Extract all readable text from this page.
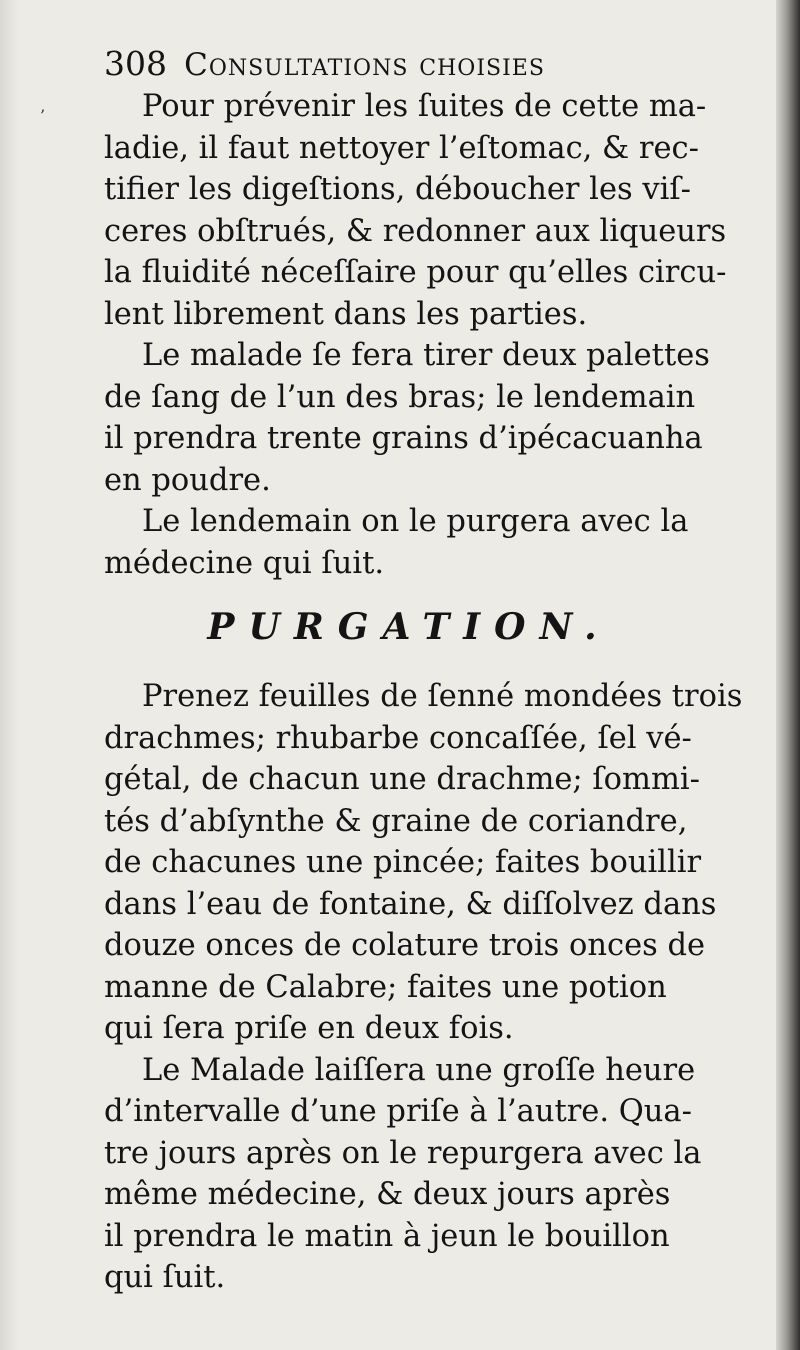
’
308 Consultations choisies
Pour prévenir les ſuites de cette ma-
ladie, il faut nettoyer l’eſtomac, & rec-
tifier les digeſtions, déboucher les viſ-
ceres obſtrués, & redonner aux liqueurs
la fluidité néceſſaire pour qu’elles circu-
lent librement dans les parties.
Le malade ſe fera tirer deux palettes
de ſang de l’un des bras; le lendemain
il prendra trente grains d’ipécacuanha
en poudre.
Le lendemain on le purgera avec la
médecine qui ſuit.
PURGATION.
Prenez feuilles de ſenné mondées trois
drachmes; rhubarbe concaſſée, ſel vé-
gétal, de chacun une drachme; ſommi-
tés d’abſynthe & graine de coriandre,
de chacunes une pincée; faites bouillir
dans l’eau de fontaine, & diſſolvez dans
douze onces de colature trois onces de
manne de Calabre; faites une potion
qui ſera priſe en deux fois.
Le Malade laiſſera une groſſe heure
d’intervalle d’une priſe à l’autre. Qua-
tre jours après on le repurgera avec la
même médecine, & deux jours après
il prendra le matin à jeun le bouillon
qui ſuit.
